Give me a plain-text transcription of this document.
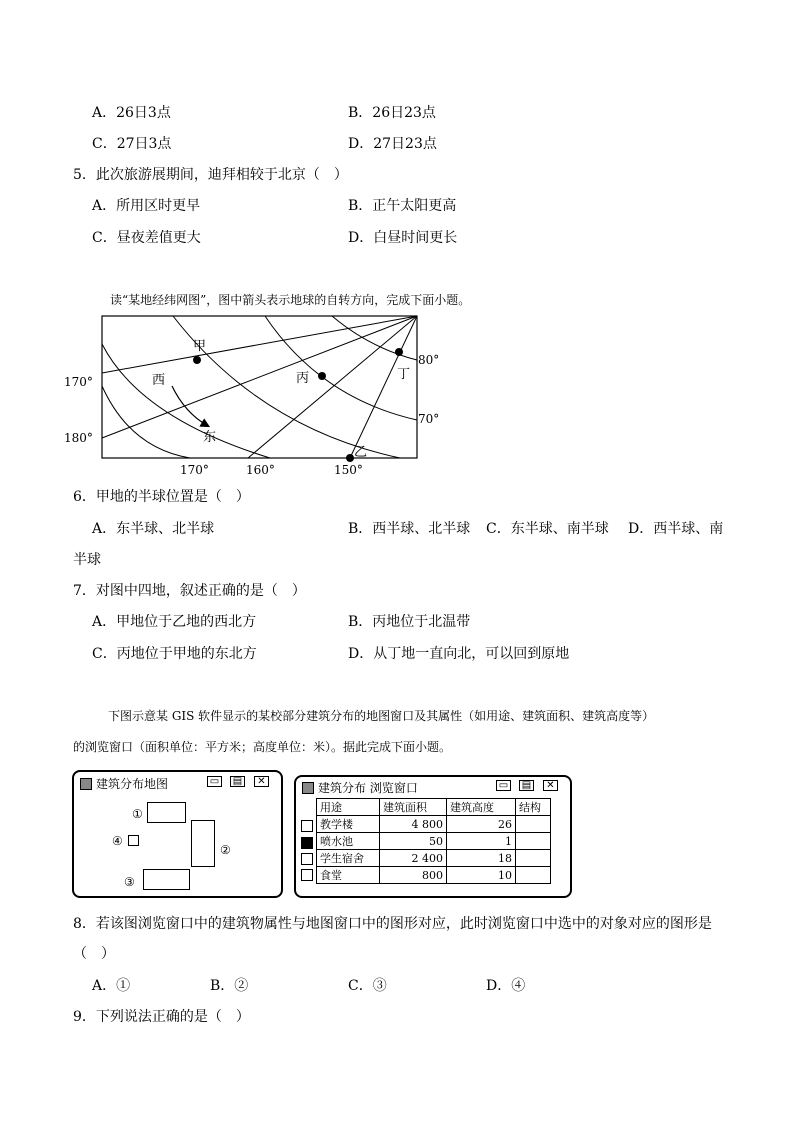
A．26日3点	B．26日23点
C．27日3点	D．27日23点
5．此次旅游展期间，迪拜相较于北京（　）
A．所用区时更早	B．正午太阳更高
C．昼夜差值更大	D．白昼时间更长
读“某地经纬网图”，图中箭头表示地球的自转方向，完成下面小题。
甲
丙	丁
乙
西
东
170°
180°
80°
70°
170°	160°	150°
6．甲地的半球位置是（　）
A．东半球、北半球	B．西半球、北半球 C．东半球、南半球 D．西半球、南
半球
7．对图中四地，叙述正确的是（　）
A．甲地位于乙地的西北方	B．丙地位于北温带
C．丙地位于甲地的东北方	D．从丁地一直向北，可以回到原地
下图示意某 GIS 软件显示的某校部分建筑分布的地图窗口及其属性（如用途、建筑面积、建筑高度等）
的浏览窗口（面积单位：平方米；高度单位：米）。据此完成下面小题。
建筑分布地图	▭ ▤	✕
①
④
②
③
建筑分布 浏览窗口	▭ ▤	✕
用途	建筑面积	建筑高度	结构
教学楼	4 800	26	
喷水池	50	1	
学生宿舍	2 400	18	
食堂	800	10	
8．若该图浏览窗口中的建筑物属性与地图窗口中的图形对应，此时浏览窗口中选中的对象对应的图形是
（　）
A．①	B．②	C．③	D．④
9．下列说法正确的是（　）
